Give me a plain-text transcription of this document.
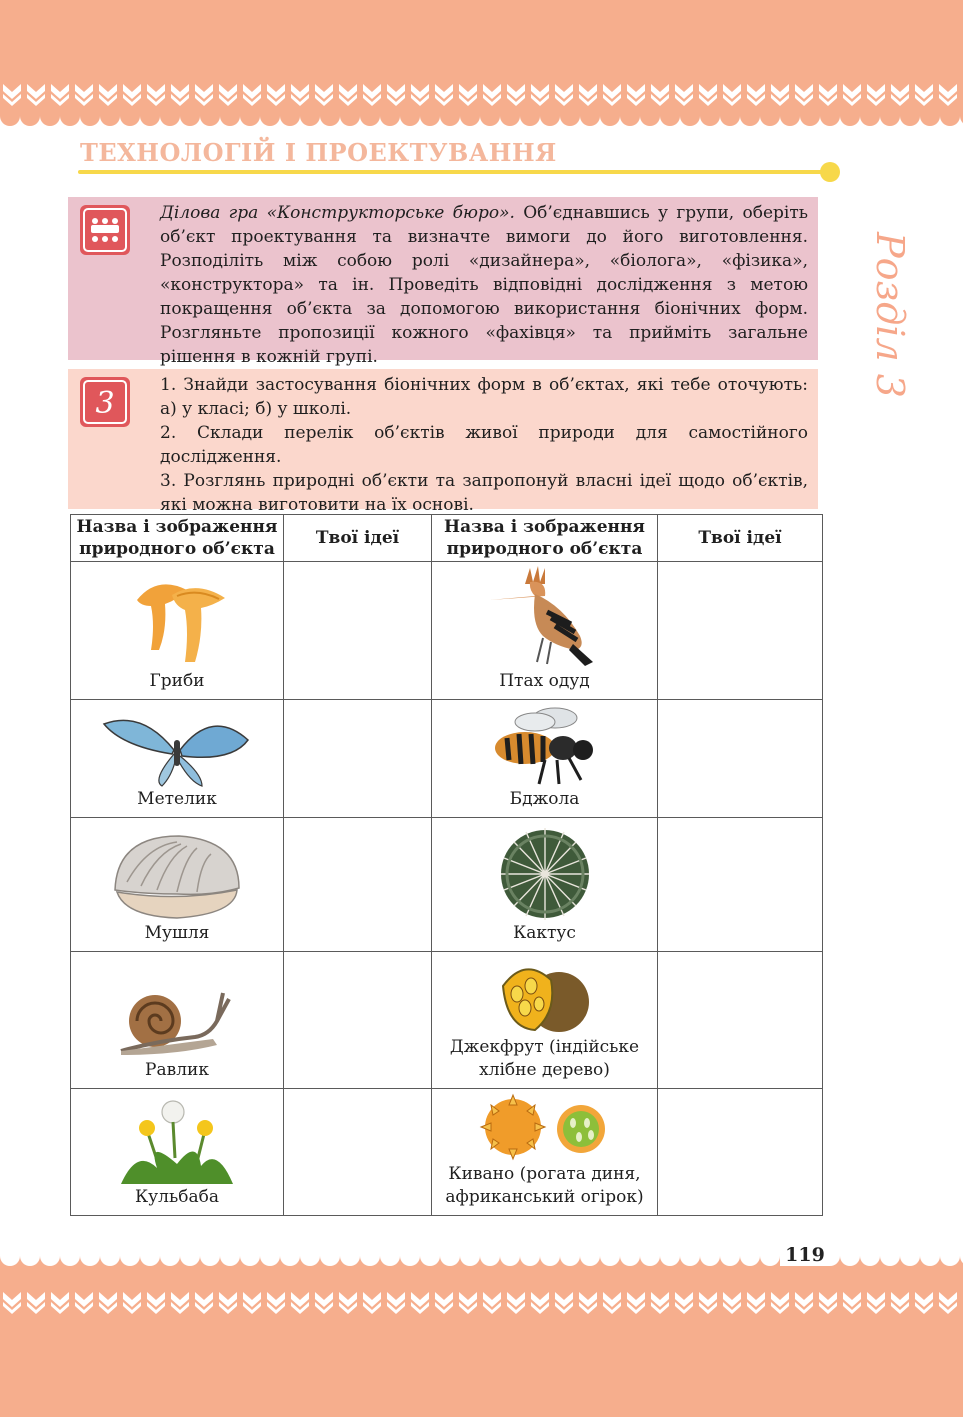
ТЕХНОЛОГІЙ І ПРОЕКТУВАННЯ
Розділ 3

Ділова гра «Конструкторське бюро». Об’єднавшись у групи, оберіть об’єкт проектування та визначте вимоги до його виготовлення. Розподіліть між собою ролі «дизайнера», «біолога», «фізика», «конструктора» та ін. Проведіть відповідні дослідження з метою покращення об’єкта за допомогою використання біонічних форм. Розгляньте пропозиції кожного «фахівця» та прийміть загальне рішення в кожній групі.

3

1. Знайди застосування біонічних форм в об’єктах, які тебе оточують: а) у класі; б) у школі.

2. Склади перелік об’єктів живої природи для самостійного дослідження.

3. Розглянь природні об’єкти та запропонуй власні ідеї щодо об’єктів, які можна виготовити на їх основі.

Назва і зображення природного об’єкта	Твої ідеї	Назва і зображення природного об’єкта	Твої ідеї

Гриби		Птах одуд	

Метелик		Бджола	

Мушля		Кактус	

Равлик		Джекфрут (індійське хлібне дерево)	

Кульбаба		Кивано (рогата диня, африканський огірок)	

119
